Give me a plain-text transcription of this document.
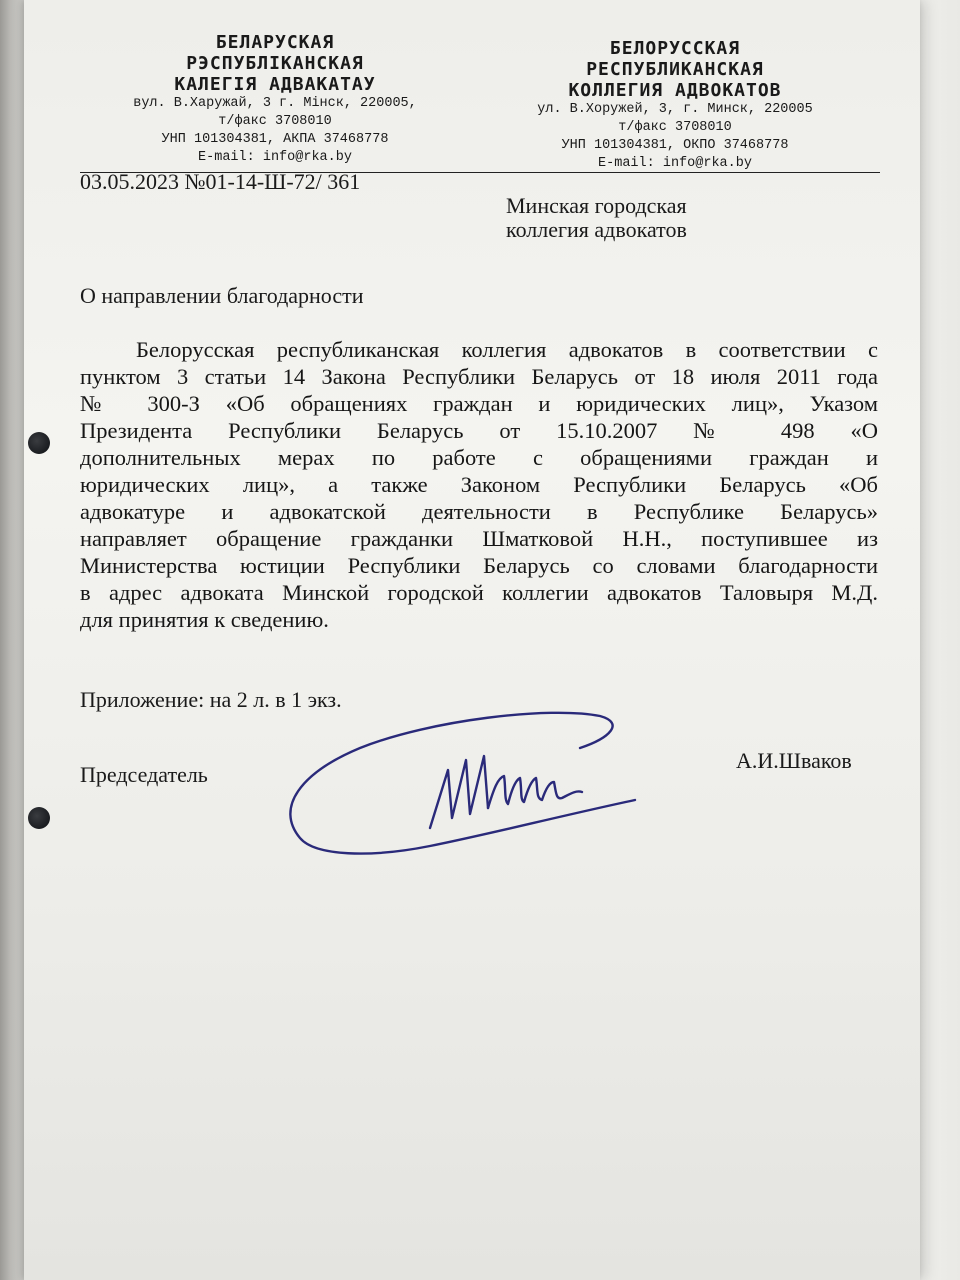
БЕЛАРУСКАЯ
РЭСПУБЛІКАНСКАЯ
КАЛЕГІЯ АДВАКАТАУ
вул. В.Харужай, 3 г. Мінск, 220005,
т/факс 3708010
УНП 101304381, АКПА 37468778
E-mail: info@rka.by
БЕЛОРУССКАЯ
РЕСПУБЛИКАНСКАЯ
КОЛЛЕГИЯ АДВОКАТОВ
ул. В.Хоружей, 3, г. Минск, 220005
т/факс 3708010
УНП 101304381, ОКПО 37468778
E-mail: info@rka.by
03.05.2023 №01-14-Ш-72/ 361
Минская городская
коллегия адвокатов
О направлении благодарности
Белорусская республиканская коллегия адвокатов в соответствии с
пунктом 3 статьи 14 Закона Республики Беларусь от 18 июля 2011 года
№ 300-З «Об обращениях граждан и юридических лиц», Указом
Президента Республики Беларусь от 15.10.2007 № 498 «О
дополнительных мерах по работе с обращениями граждан и
юридических лиц», а также Законом Республики Беларусь «Об
адвокатуре и адвокатской деятельности в Республике Беларусь»
направляет обращение гражданки Шматковой Н.Н., поступившее из
Министерства юстиции Республики Беларусь со словами благодарности
в адрес адвоката Минской городской коллегии адвокатов Таловыря М.Д.
для принятия к сведению.
Приложение: на 2 л. в 1 экз.
Председатель
А.И.Шваков
